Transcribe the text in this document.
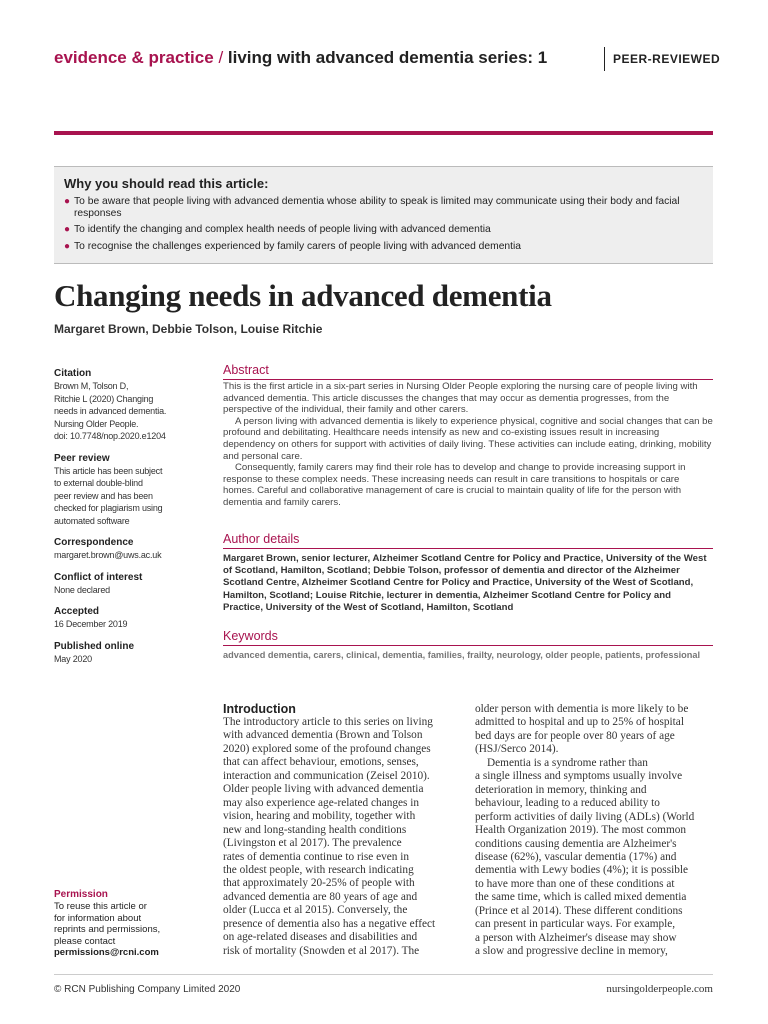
evidence & practice / living with advanced dementia series: 1	PEER-REVIEWED
Why you should read this article:
● To be aware that people living with advanced dementia whose ability to speak is limited may communicate using their body and facial responses
● To identify the changing and complex health needs of people living with advanced dementia
● To recognise the challenges experienced by family carers of people living with advanced dementia
Changing needs in advanced dementia
Margaret Brown, Debbie Tolson, Louise Ritchie
Citation
Brown M, Tolson D,
Ritchie L (2020) Changing
needs in advanced dementia.
Nursing Older People.
doi: 10.7748/nop.2020.e1204
Peer review
This article has been subject
to external double-blind
peer review and has been
checked for plagiarism using
automated software
Correspondence
margaret.brown@uws.ac.uk
Conflict of interest
None declared
Accepted
16 December 2019
Published online
May 2020
Permission
To reuse this article or
for information about
reprints and permissions,
please contact
permissions@rcni.com
Abstract

This is the first article in a six-part series in Nursing Older People exploring the nursing care of people living with advanced dementia. This article discusses the changes that may occur as dementia progresses, from the perspective of the individual, their family and other carers.

A person living with advanced dementia is likely to experience physical, cognitive and social changes that can be profound and debilitating. Healthcare needs intensify as new and co-existing issues result in increasing dependency on others for support with activities of daily living. These activities can include eating, drinking, mobility and personal care.

Consequently, family carers may find their role has to develop and change to provide increasing support in response to these complex needs. These increasing needs can result in care transitions to hospitals or care homes. Careful and collaborative management of care is crucial to maintain quality of life for the person with dementia and family carers.

Author details
Margaret Brown, senior lecturer, Alzheimer Scotland Centre for Policy and Practice, University of the West of Scotland, Hamilton, Scotland; Debbie Tolson, professor of dementia and director of the Alzheimer Scotland Centre, Alzheimer Scotland Centre for Policy and Practice, University of the West of Scotland, Hamilton, Scotland; Louise Ritchie, lecturer in dementia, Alzheimer Scotland Centre for Policy and Practice, University of the West of Scotland, Hamilton, Scotland
Keywords
advanced dementia, carers, clinical, dementia, families, frailty, neurology, older people, patients, professional
Introduction
The introductory article to this series on living
with advanced dementia (Brown and Tolson
2020) explored some of the profound changes
that can affect behaviour, emotions, senses,
interaction and communication (Zeisel 2010).
Older people living with advanced dementia
may also experience age-related changes in
vision, hearing and mobility, together with
new and long-standing health conditions
(Livingston et al 2017). The prevalence
rates of dementia continue to rise even in
the oldest people, with research indicating
that approximately 20-25% of people with
advanced dementia are 80 years of age and
older (Lucca et al 2015). Conversely, the
presence of dementia also has a negative effect
on age-related diseases and disabilities and
risk of mortality (Snowden et al 2017). The
older person with dementia is more likely to be
admitted to hospital and up to 25% of hospital
bed days are for people over 80 years of age
(HSJ/Serco 2014).
Dementia is a syndrome rather than
a single illness and symptoms usually involve
deterioration in memory, thinking and
behaviour, leading to a reduced ability to
perform activities of daily living (ADLs) (World
Health Organization 2019). The most common
conditions causing dementia are Alzheimer's
disease (62%), vascular dementia (17%) and
dementia with Lewy bodies (4%); it is possible
to have more than one of these conditions at
the same time, which is called mixed dementia
(Prince et al 2014). These different conditions
can present in particular ways. For example,
a person with Alzheimer's disease may show
a slow and progressive decline in memory,
© RCN Publishing Company Limited 2020	nursingolderpeople.com
